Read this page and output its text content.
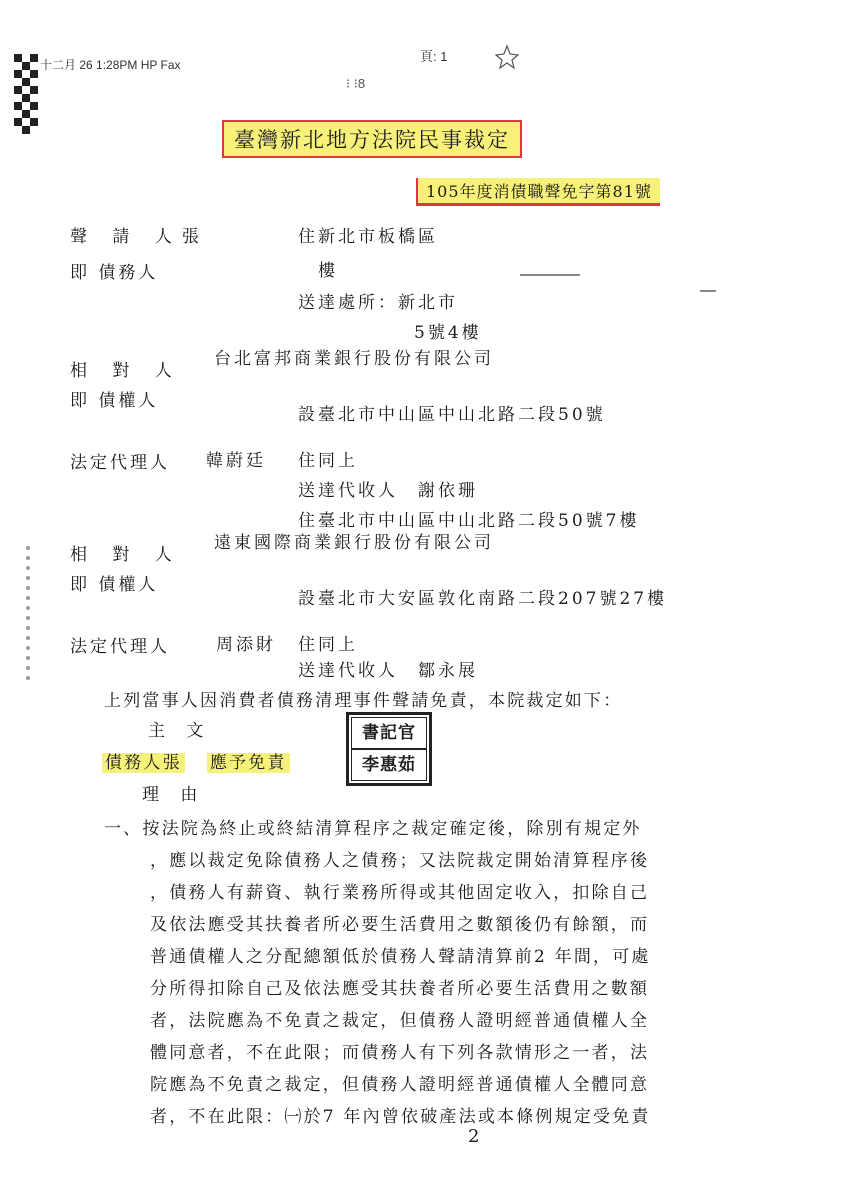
十二月 26 1:28PM HP Fax
頁: 1
⁝ ⁝8
臺灣新北地方法院民事裁定
105年度消債職聲免字第81號
聲 請 人張
即 債務人
住新北市板橋區
樓
送達處所：新北市
5號4樓
相 對 人
台北富邦商業銀行股份有限公司
即 債權人
設臺北市中山區中山北路二段50號
法定代理人 韓蔚廷 住同上
送達代收人　謝依珊
住臺北市中山區中山北路二段50號7樓
相 對 人
遠東國際商業銀行股份有限公司
即 債權人
設臺北市大安區敦化南路二段207號27樓
法定代理人	周添財 住同上
送達代收人　鄒永展
上列當事人因消費者債務清理事件聲請免責，本院裁定如下：
主　文
債務人張 應予免責
書記官
李惠茹
理　由
一、按法院為終止或終結清算程序之裁定確定後，除別有規定外
，應以裁定免除債務人之債務；又法院裁定開始清算程序後
，債務人有薪資、執行業務所得或其他固定收入，扣除自己
及依法應受其扶養者所必要生活費用之數額後仍有餘額，而
普通債權人之分配總額低於債務人聲請清算前2 年間，可處
分所得扣除自己及依法應受其扶養者所必要生活費用之數額
者，法院應為不免責之裁定，但債務人證明經普通債權人全
體同意者，不在此限；而債務人有下列各款情形之一者，法
院應為不免責之裁定，但債務人證明經普通債權人全體同意
者，不在此限：㈠於7 年內曾依破產法或本條例規定受免責
2
